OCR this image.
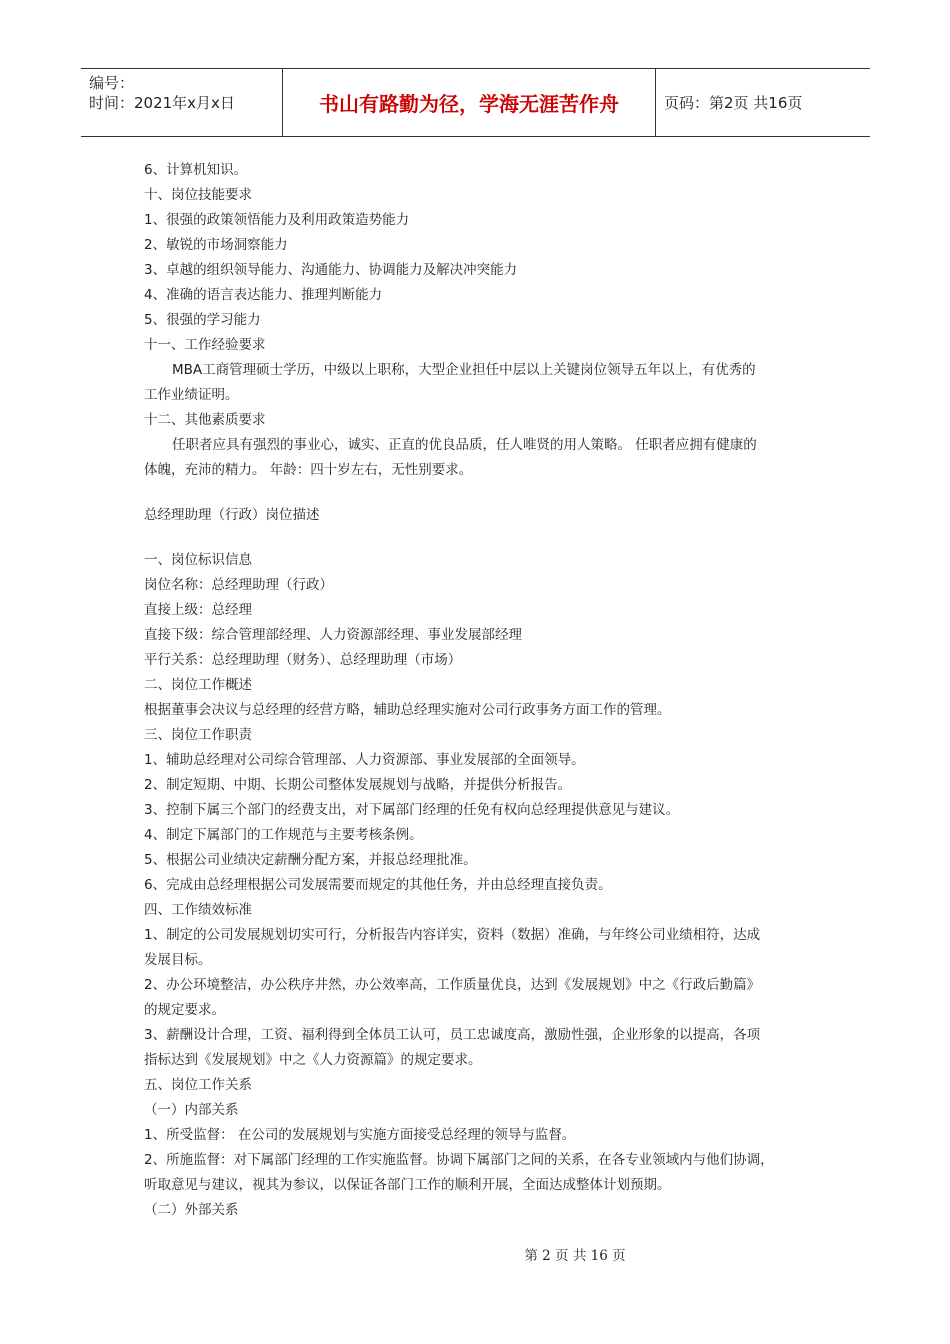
编号：
时间：2021年x月x日	书山有路勤为径，学海无涯苦作舟	页码：第2页 共16页
6、计算机知识。
十、岗位技能要求
1、很强的政策领悟能力及利用政策造势能力
2、敏锐的市场洞察能力
3、卓越的组织领导能力、沟通能力、协调能力及解决冲突能力
4、准确的语言表达能力、推理判断能力
5、很强的学习能力
十一、工作经验要求
MBA工商管理硕士学历，中级以上职称，大型企业担任中层以上关键岗位领导五年以上，有优秀的
工作业绩证明。
十二、其他素质要求
任职者应具有强烈的事业心，诚实、正直的优良品质，任人唯贤的用人策略。 任职者应拥有健康的
体魄，充沛的精力。 年龄：四十岁左右，无性别要求。
总经理助理（行政）岗位描述
一、岗位标识信息
岗位名称：总经理助理（行政）
直接上级：总经理
直接下级：综合管理部经理、人力资源部经理、事业发展部经理
平行关系：总经理助理（财务）、总经理助理（市场）
二、岗位工作概述
根据董事会决议与总经理的经营方略，辅助总经理实施对公司行政事务方面工作的管理。
三、岗位工作职责
1、辅助总经理对公司综合管理部、人力资源部、事业发展部的全面领导。
2、制定短期、中期、长期公司整体发展规划与战略，并提供分析报告。
3、控制下属三个部门的经费支出，对下属部门经理的任免有权向总经理提供意见与建议。
4、制定下属部门的工作规范与主要考核条例。
5、根据公司业绩决定薪酬分配方案，并报总经理批准。
6、完成由总经理根据公司发展需要而规定的其他任务，并由总经理直接负责。
四、工作绩效标准
1、制定的公司发展规划切实可行，分析报告内容详实，资料（数据）准确，与年终公司业绩相符，达成
发展目标。
2、办公环境整洁，办公秩序井然，办公效率高，工作质量优良，达到《发展规划》中之《行政后勤篇》
的规定要求。
3、薪酬设计合理，工资、福利得到全体员工认可，员工忠诚度高，激励性强，企业形象的以提高，各项
指标达到《发展规划》中之《人力资源篇》的规定要求。
五、岗位工作关系
（一）内部关系
1、所受监督： 在公司的发展规划与实施方面接受总经理的领导与监督。
2、所施监督：对下属部门经理的工作实施监督。协调下属部门之间的关系，在各专业领域内与他们协调，
听取意见与建议，视其为参议，以保证各部门工作的顺利开展，全面达成整体计划预期。
（二）外部关系
第 2 页 共 16 页
